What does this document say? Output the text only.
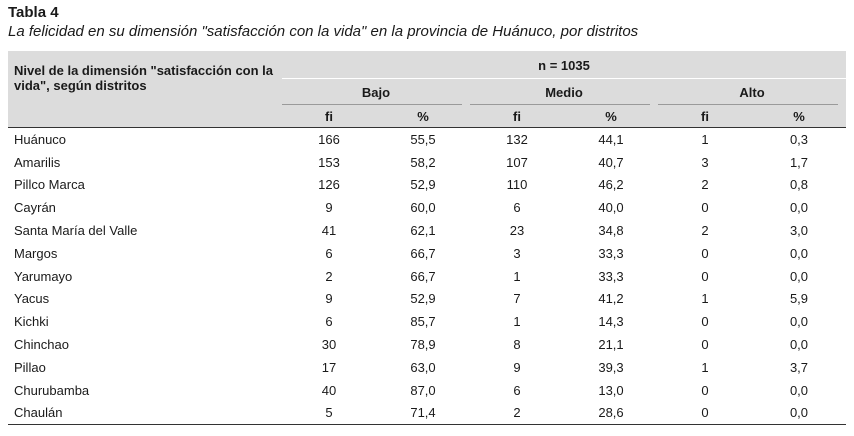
Tabla 4
La felicidad en su dimensión "satisfacción con la vida" en la provincia de Huánuco, por distritos
Nivel de la dimensión "satisfacción con la vida", según distritos	n = 1035					
	Bajo		Medio		Alto	
	fi	%	fi	%	fi	%
Huánuco	166	55,5	132	44,1	1	0,3
Amarilis	153	58,2	107	40,7	3	1,7
Pillco Marca	126	52,9	110	46,2	2	0,8
Cayrán	9	60,0	6	40,0	0	0,0
Santa María del Valle	41	62,1	23	34,8	2	3,0
Margos	6	66,7	3	33,3	0	0,0
Yarumayo	2	66,7	1	33,3	0	0,0
Yacus	9	52,9	7	41,2	1	5,9
Kichki	6	85,7	1	14,3	0	0,0
Chinchao	30	78,9	8	21,1	0	0,0
Pillao	17	63,0	9	39,3	1	3,7
Churubamba	40	87,0	6	13,0	0	0,0
Chaulán	5	71,4	2	28,6	0	0,0
